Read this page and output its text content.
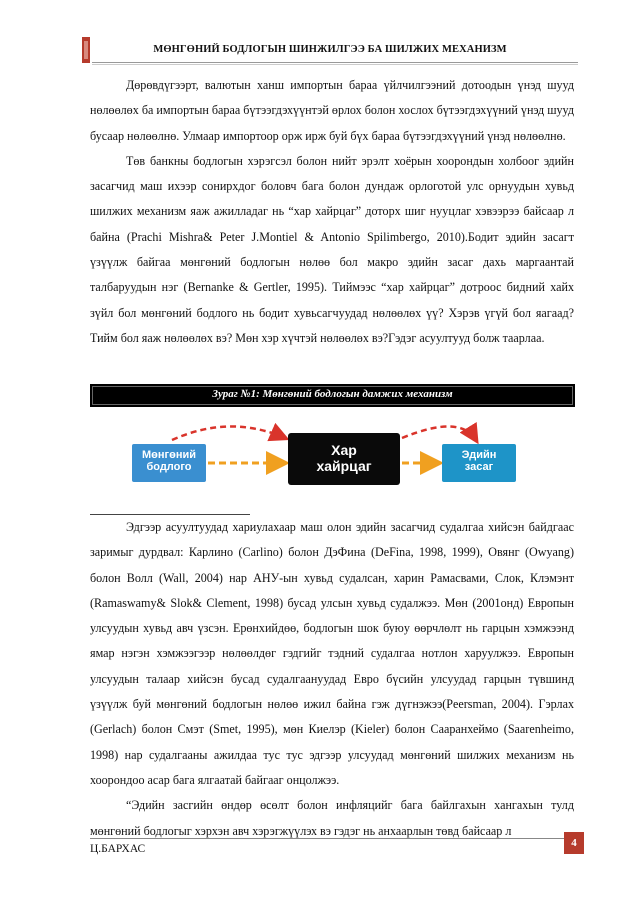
МӨНГӨНИЙ БОДЛОГЫН ШИНЖИЛГЭЭ БА ШИЛЖИХ МЕХАНИЗМ

Дөрөвдүгээрт, валютын ханш импортын бараа үйлчилгээний дотоодын үнэд шууд нөлөөлөх ба импортын бараа бүтээгдэхүүнтэй өрлох болон хослох бүтээгдэхүүний үнэд шууд бусаар нөлөөлнө. Улмаар импортоор орж ирж буй бүх бараа бүтээгдэхүүний үнэд нөлөөлнө.

Төв банкны бодлогын хэрэгсэл болон нийт эрэлт хоёрын хоорондын холбоог эдийн засагчид маш ихээр сонирхдог боловч бага болон дундаж орлоготой улс орнуудын хувьд шилжих механизм яаж ажилладаг нь “хар хайрцаг” доторх шиг нууцлаг хэвээрээ байсаар л байна (Prachi Mishra& Peter J.Montiel & Antonio Spilimbergo, 2010).Бодит эдийн засагт үзүүлж байгаа мөнгөний бодлогын нөлөө бол макро эдийн засаг дахь маргаантай талбаруудын нэг (Bernanke & Gertler, 1995). Тиймээс “хар хайрцаг” дотроос бидний хайх зүйл бол мөнгөний бодлого нь бодит хувьсагчуудад нөлөөлөх үү? Хэрэв үгүй бол яагаад? Тийм бол яаж нөлөөлөх вэ? Мөн хэр хүчтэй нөлөөлөх вэ?Гэдэг асуултууд болж таарлаа.

Зураг №1: Мөнгөний бодлогын дамжих механизм
Мөнгөний
бодлого
Хар
хайрцаг
Эдийн
засаг

Эдгээр асуултуудад хариулахаар маш олон эдийн засагчид судалгаа хийсэн байдгаас заримыг дурдвал: Карлино (Carlino) болон ДэФина (DeFina, 1998, 1999), Овянг (Owyang) болон Волл (Wall, 2004) нар АНУ-ын хувьд судалсан, харин Рамасвами, Слок, Клэмэнт (Ramaswamy& Slok& Clement, 1998) бусад улсын хувьд судалжээ. Мөн (2001онд) Европын улсуудын хувьд авч үзсэн. Ерөнхийдөө, бодлогын шок буюу өөрчлөлт нь гарцын хэмжээнд ямар нэгэн хэмжээгээр нөлөөлдөг гэдгийг тэдний судалгаа нотлон харуулжээ. Европын улсуудын талаар хийсэн бусад судалгаануудад Евро бүсийн улсуудад гарцын түвшинд үзүүлж буй мөнгөний бодлогын нөлөө ижил байна гэж дүгнэжээ(Peersman, 2004). Гэрлах (Gerlach) болон Смэт (Smet, 1995), мөн Киелэр (Kieler) болон Саарaнхеймо (Saarenheimo, 1998) нар судалгааны ажилдаа тус тус эдгээр улсуудад мөнгөний шилжих механизм нь хоорондоо асар бага ялгаатай байгааг онцолжээ.

“Эдийн засгийн өндөр өсөлт болон инфляцийг бага байлгахын хангахын тулд мөнгөний бодлогыг хэрхэн авч хэрэгжүүлэх вэ гэдэг нь анхаарлын төвд байсаар л

Ц.БАРХАС	4
